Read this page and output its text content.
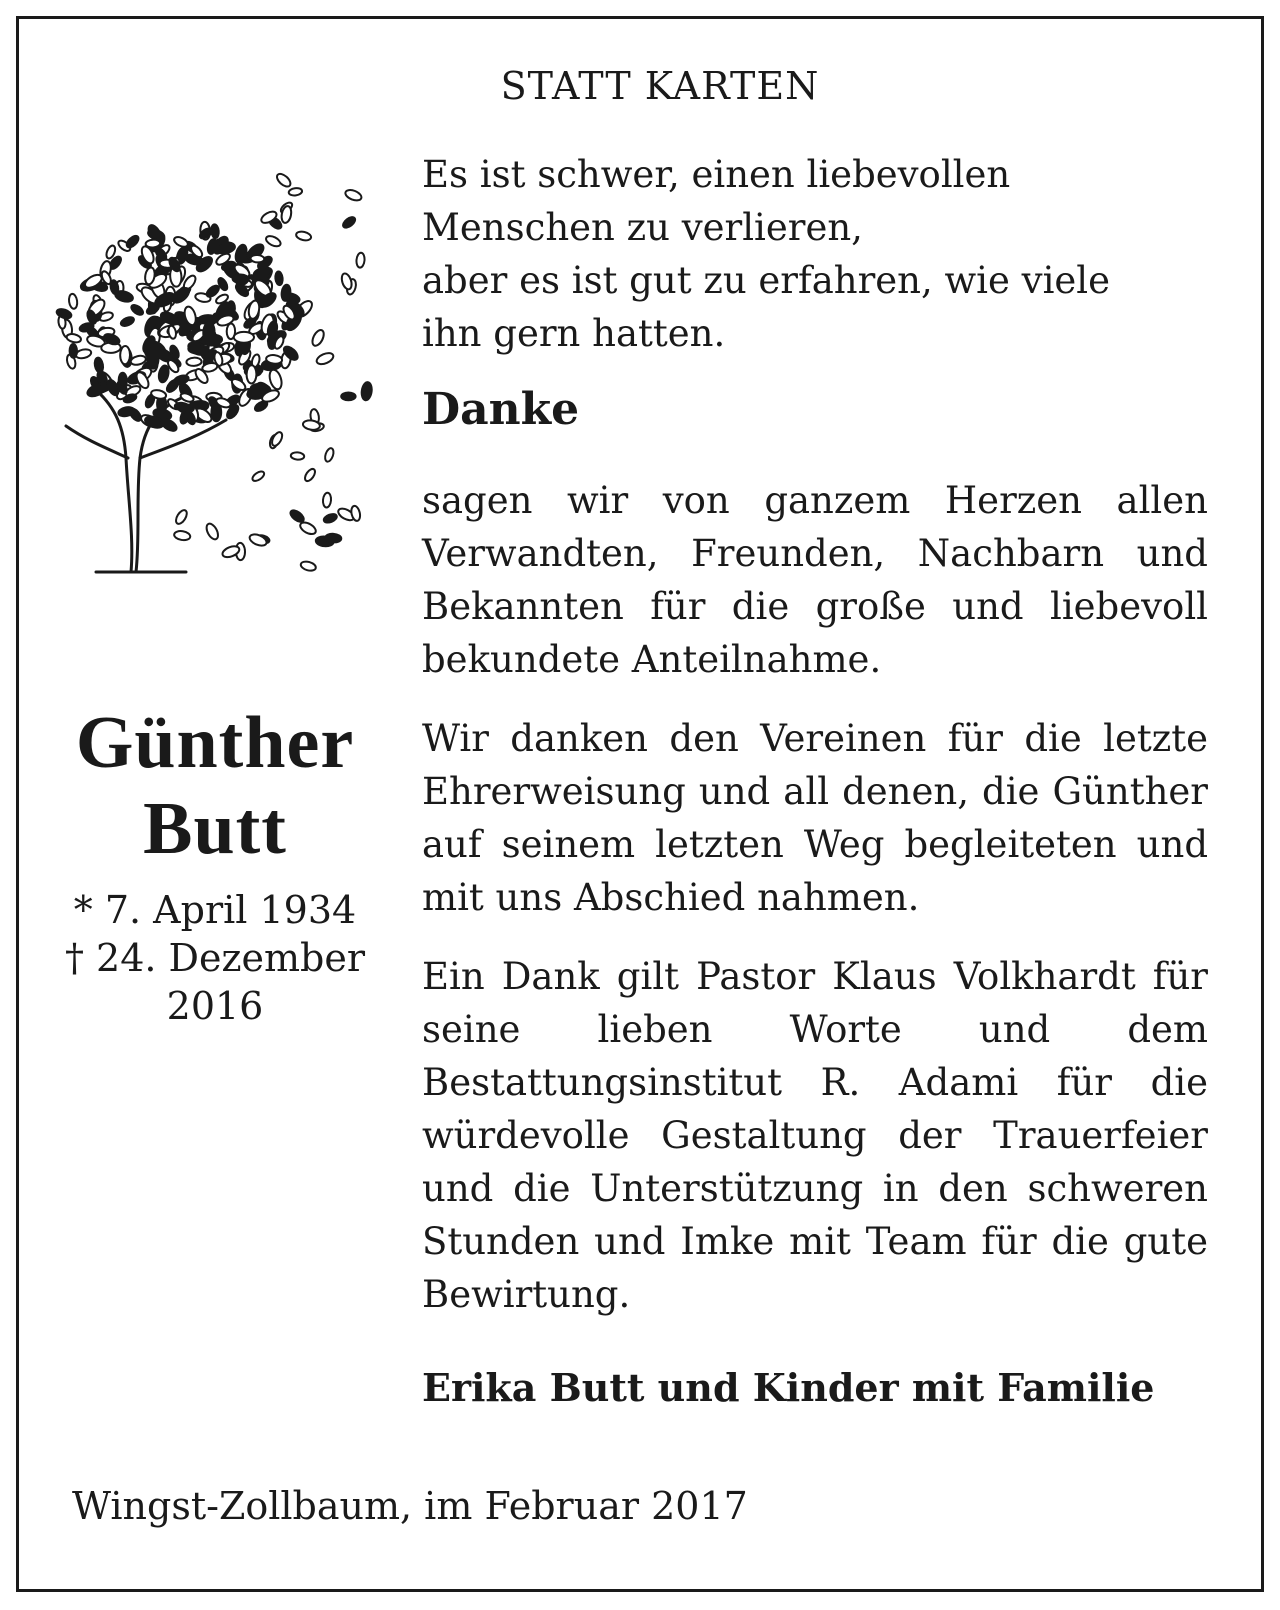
STATT KARTEN
Günther
Butt
* 7. April 1934
† 24. Dezember
2016

Es ist schwer, einen liebevollen
Menschen zu verlieren,
aber es ist gut zu erfahren, wie viele
ihn gern hatten.

Danke

sagen wir von ganzem Herzen allen Verwandten, Freunden, Nachbarn und Bekannten für die große und liebevoll bekundete Anteilnahme.

Wir danken den Vereinen für die letzte Ehrerweisung und all denen, die Günther auf seinem letzten Weg begleiteten und mit uns Abschied nahmen.

Ein Dank gilt Pastor Klaus Volkhardt für seine lieben Worte und dem Bestattungsinstitut R. Adami für die würdevolle Gestaltung der Trauerfeier und die Unterstützung in den schweren Stunden und Imke mit Team für die gute Bewirtung.

Erika Butt und Kinder mit Familie

Wingst-Zollbaum, im Februar 2017
